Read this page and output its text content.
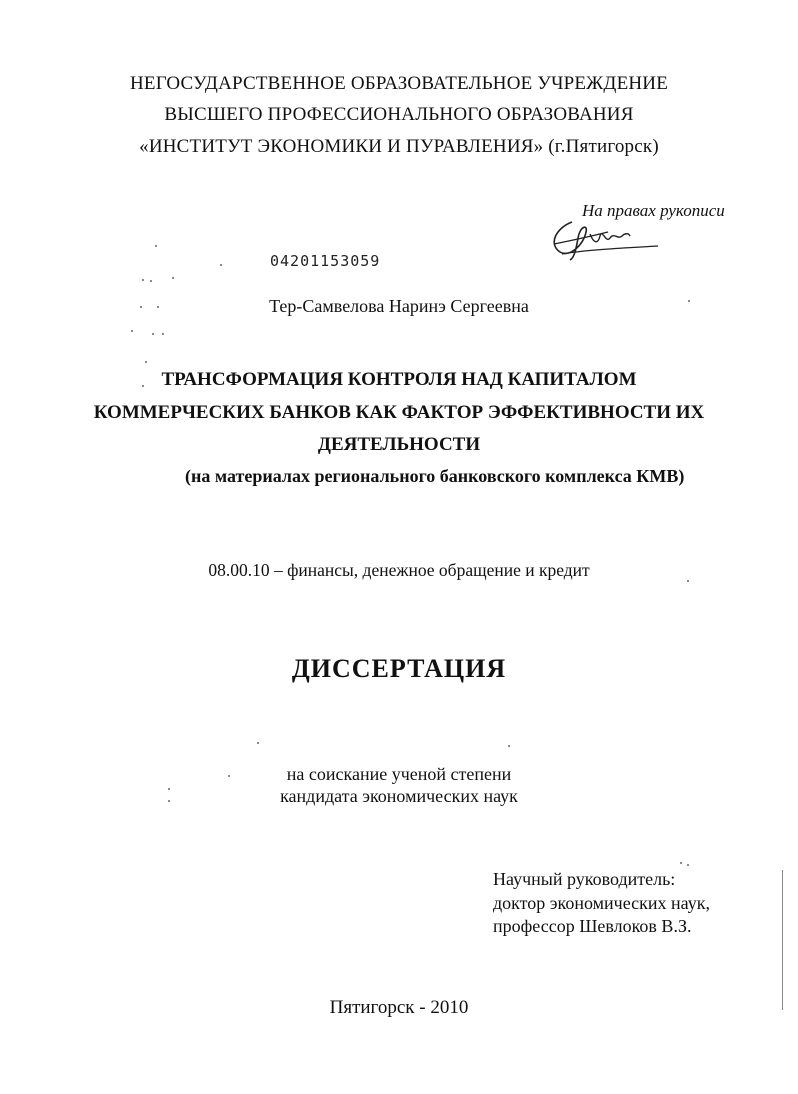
НЕГОСУДАРСТВЕННОЕ ОБРАЗОВАТЕЛЬНОЕ УЧРЕЖДЕНИЕ
ВЫСШЕГО ПРОФЕССИОНАЛЬНОГО ОБРАЗОВАНИЯ
«ИНСТИТУТ ЭКОНОМИКИ И ПУРАВЛЕНИЯ» (г.Пятигорск)
На правах рукописи
04201153059
Тер-Самвелова Наринэ Сергеевна
ТРАНСФОРМАЦИЯ КОНТРОЛЯ НАД КАПИТАЛОМ
КОММЕРЧЕСКИХ БАНКОВ КАК ФАКТОР ЭФФЕКТИВНОСТИ ИХ
ДЕЯТЕЛЬНОСТИ
(на материалах регионального банковского комплекса КМВ)
08.00.10 – финансы, денежное обращение и кредит
ДИССЕРТАЦИЯ
на соискание ученой степени
кандидата экономических наук
Научный руководитель:
доктор экономических наук,
профессор Шевлоков В.З.
Пятигорск - 2010
